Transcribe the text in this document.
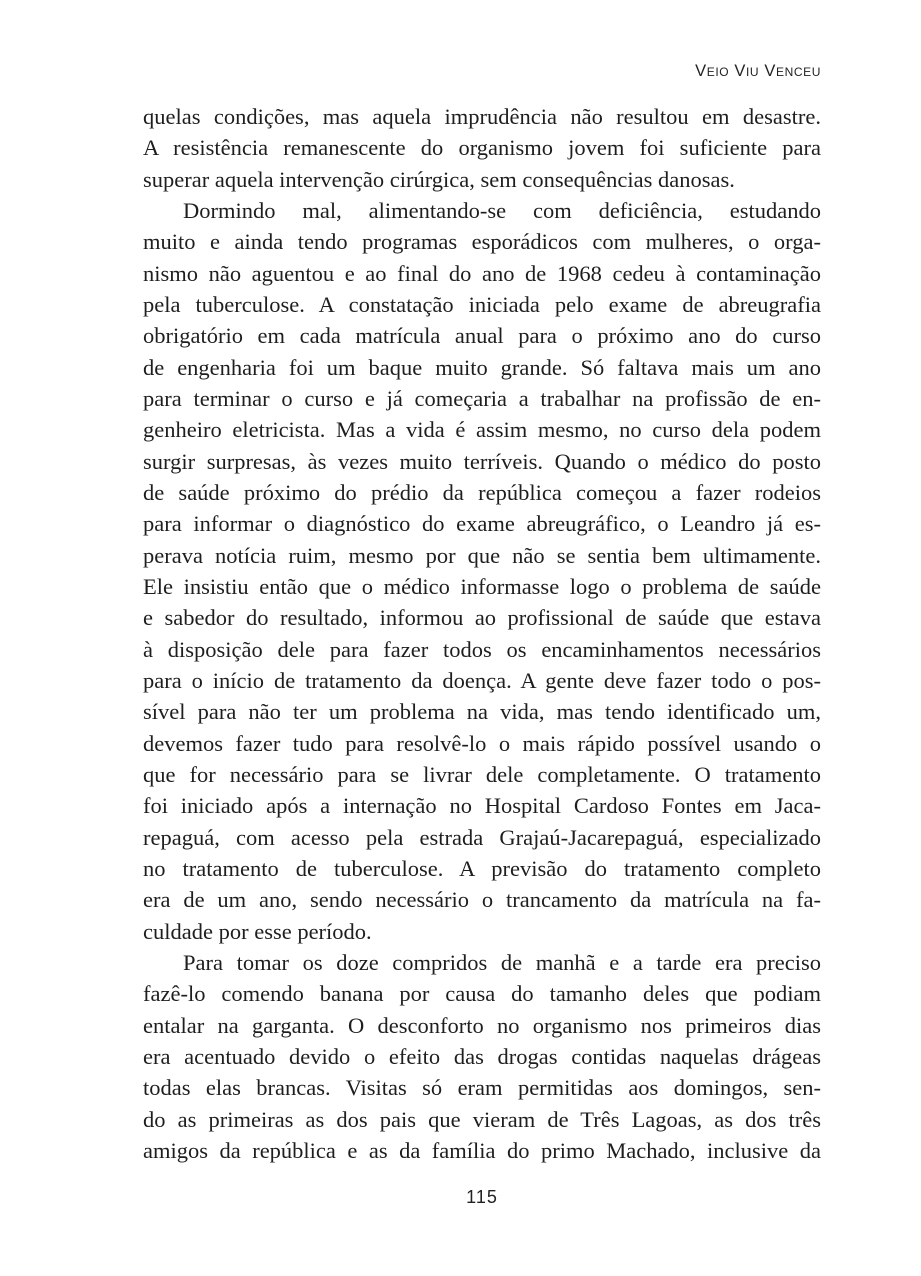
Veio Viu Venceu
quelas condições, mas aquela imprudência não resultou em desastre.
A resistência remanescente do organismo jovem foi suficiente para
superar aquela intervenção cirúrgica, sem consequências danosas.
Dormindo mal, alimentando-se com deficiência, estudando
muito e ainda tendo programas esporádicos com mulheres, o orga-
nismo não aguentou e ao final do ano de 1968 cedeu à contaminação
pela tuberculose. A constatação iniciada pelo exame de abreugrafia
obrigatório em cada matrícula anual para o próximo ano do curso
de engenharia foi um baque muito grande. Só faltava mais um ano
para terminar o curso e já começaria a trabalhar na profissão de en-
genheiro eletricista. Mas a vida é assim mesmo, no curso dela podem
surgir surpresas, às vezes muito terríveis. Quando o médico do posto
de saúde próximo do prédio da república começou a fazer rodeios
para informar o diagnóstico do exame abreugráfico, o Leandro já es-
perava notícia ruim, mesmo por que não se sentia bem ultimamente.
Ele insistiu então que o médico informasse logo o problema de saúde
e sabedor do resultado, informou ao profissional de saúde que estava
à disposição dele para fazer todos os encaminhamentos necessários
para o início de tratamento da doença. A gente deve fazer todo o pos-
sível para não ter um problema na vida, mas tendo identificado um,
devemos fazer tudo para resolvê-lo o mais rápido possível usando o
que for necessário para se livrar dele completamente. O tratamento
foi iniciado após a internação no Hospital Cardoso Fontes em Jaca-
repaguá, com acesso pela estrada Grajaú-Jacarepaguá, especializado
no tratamento de tuberculose. A previsão do tratamento completo
era de um ano, sendo necessário o trancamento da matrícula na fa-
culdade por esse período.
Para tomar os doze compridos de manhã e a tarde era preciso
fazê-lo comendo banana por causa do tamanho deles que podiam
entalar na garganta. O desconforto no organismo nos primeiros dias
era acentuado devido o efeito das drogas contidas naquelas drágeas
todas elas brancas. Visitas só eram permitidas aos domingos, sen-
do as primeiras as dos pais que vieram de Três Lagoas, as dos três
amigos da república e as da família do primo Machado, inclusive da
115
